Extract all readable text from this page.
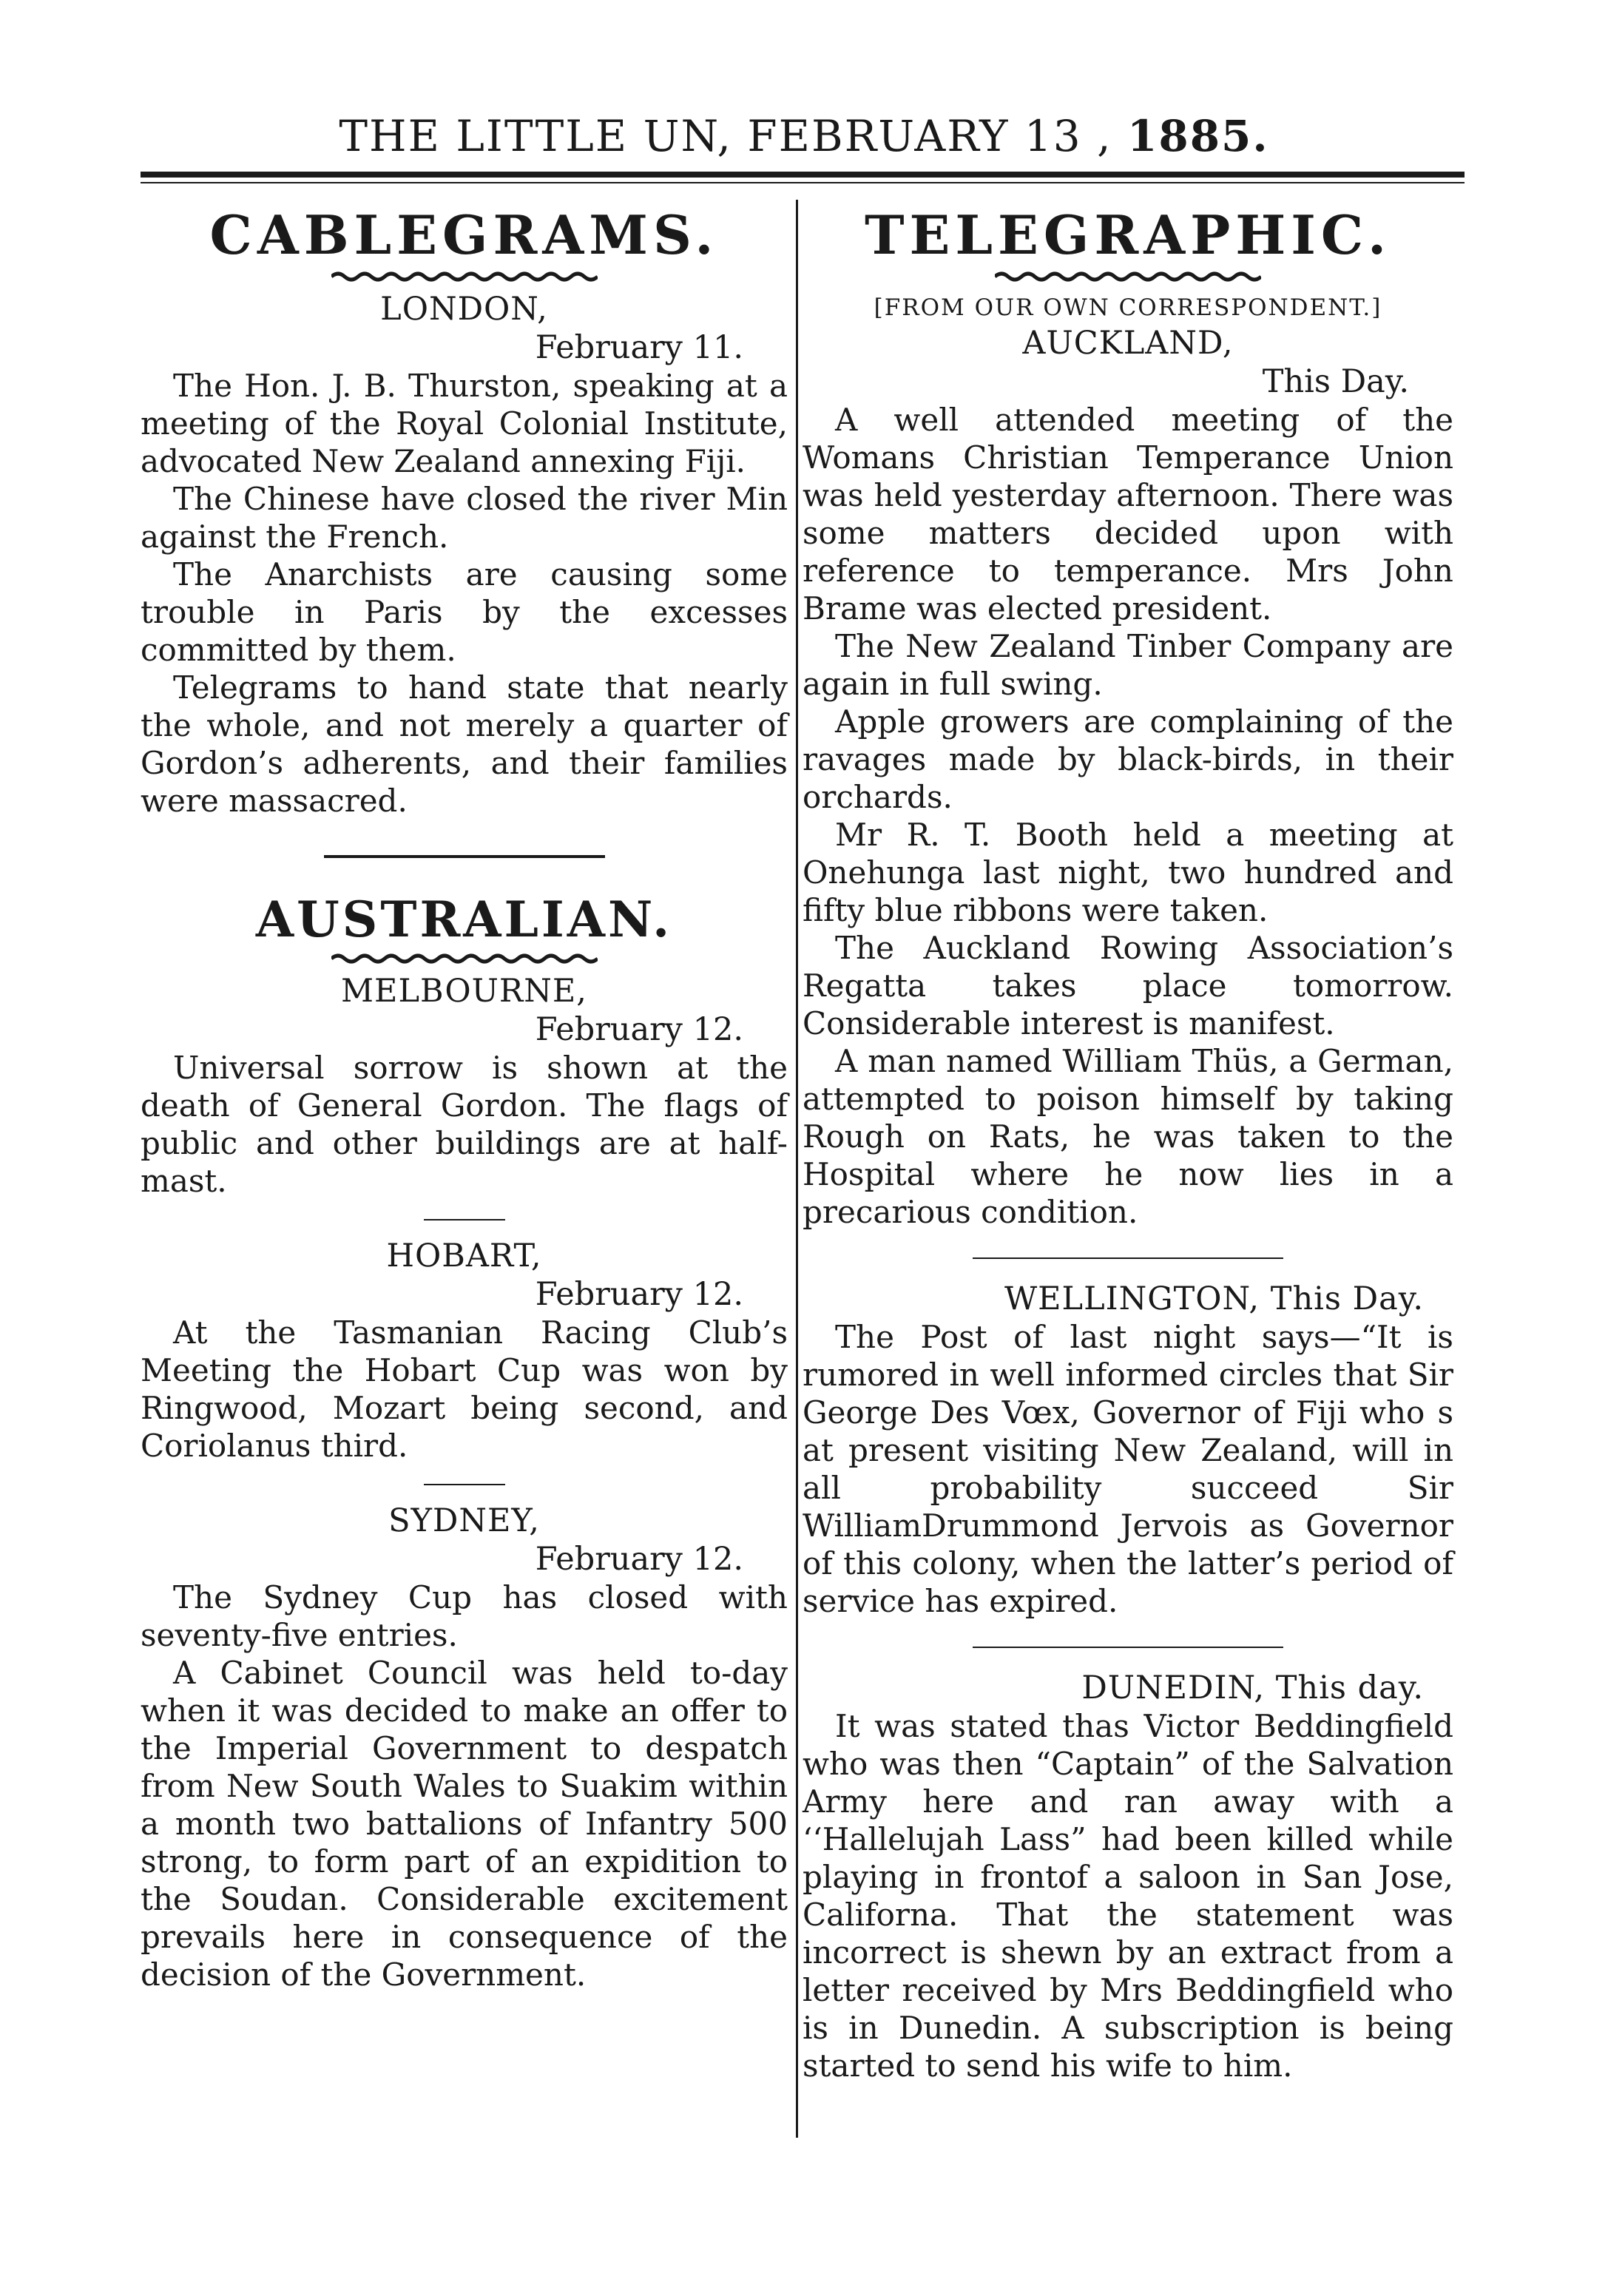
THE LITTLE UN, FEBRUARY 13 , 1885.
CABLEGRAMS.

LONDON,

February 11.

The Hon. J. B. Thurston, speaking at a meeting of the Royal Colonial Institute, advocated New Zealand annexing Fiji.

The Chinese have closed the river Min against the French.

The Anarchists are causing some trouble in Paris by the excesses committed by them.

Telegrams to hand state that nearly the whole, and not merely a quarter of Gordon’s adherents, and their families were massacred.

AUSTRALIAN.

MELBOURNE,

February 12.

Universal sorrow is shown at the death of General Gordon. The flags of public and other buildings are at half-mast.

HOBART,

February 12.

At the Tasmanian Racing Club’s Meeting the Hobart Cup was won by Ringwood, Mozart being second, and Coriolanus third.

SYDNEY,

February 12.

The Sydney Cup has closed with seventy-five entries.

A Cabinet Council was held to-day when it was decided to make an offer to the Imperial Government to despatch from New South Wales to Suakim within a month two battalions of Infantry 500 strong, to form part of an expidition to the Soudan. Considerable excitement prevails here in consequence of the decision of the Government.

TELEGRAPHIC.

[FROM OUR OWN CORRESPONDENT.]

AUCKLAND,

This Day.

A well attended meeting of the Womans Christian Temperance Union was held yesterday afternoon. There was some matters decided upon with reference to temperance. Mrs John Brame was elected president.

The New Zealand Tinber Company are again in full swing.

Apple growers are complaining of the ravages made by black-birds, in their orchards.

Mr R. T. Booth held a meeting at Onehunga last night, two hundred and fifty blue ribbons were taken.

The Auckland Rowing Association’s Regatta takes place tomorrow. Considerable interest is manifest.

A man named William Thüs, a German, attempted to poison himself by taking Rough on Rats, he was taken to the Hospital where he now lies in a precarious condition.

WELLINGTON, This Day.

The Post of last night says—“It is rumored in well informed circles that Sir George Des Vœx, Governor of Fiji who s at present visiting New Zealand, will in all probability succeed Sir WilliamDrummond Jervois as Governor of this colony, when the latter’s period of service has expired.

DUNEDIN, This day.

It was stated thas Victor Beddingfield who was then “Captain” of the Salvation Army here and ran away with a ‘‘Hallelujah Lass” had been killed while playing in frontof a saloon in San Jose, Californa. That the statement was incorrect is shewn by an extract from a letter received by Mrs Beddingfield who is in Dunedin. A subscription is being started to send his wife to him.
